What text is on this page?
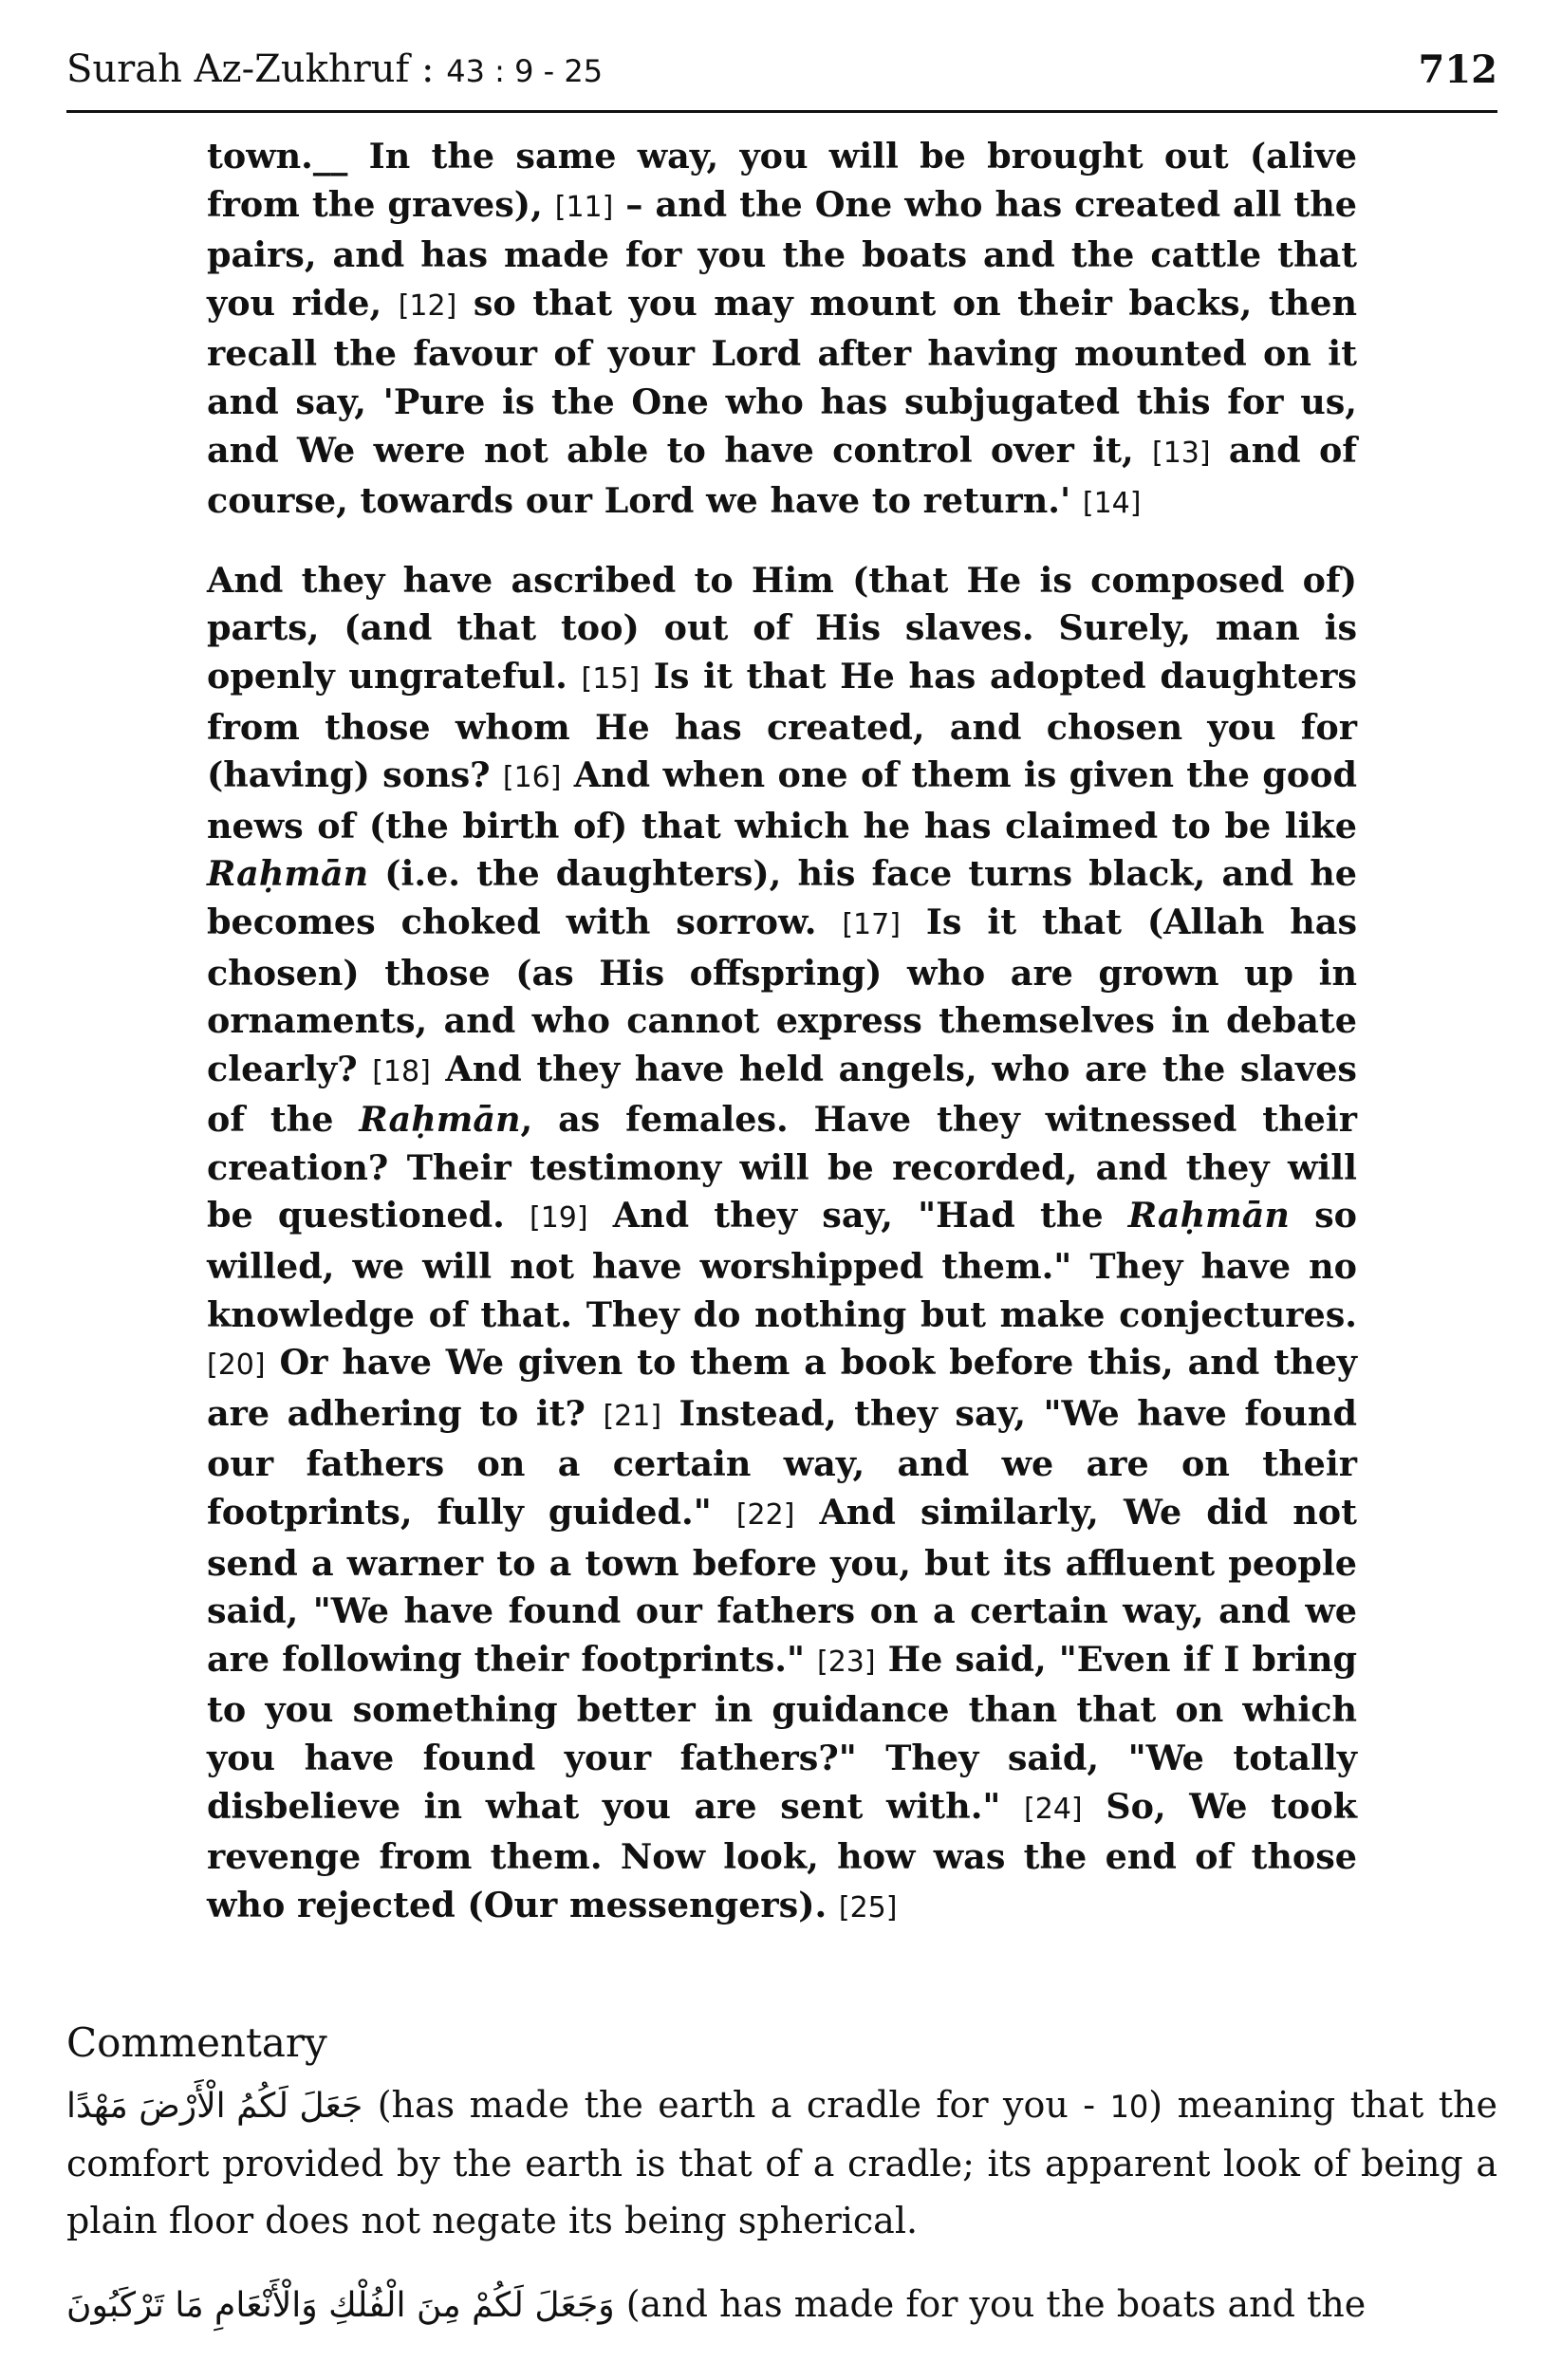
Surah Az-Zukhruf : 43 : 9 - 25	712

town.__ In the same way, you will be brought out (alive from the graves), [11] – and the One who has created all the pairs, and has made for you the boats and the cattle that you ride, [12] so that you may mount on their backs, then recall the favour of your Lord after having mounted on it and say, 'Pure is the One who has subjugated this for us, and We were not able to have control over it, [13] and of course, towards our Lord we have to return.' [14]

And they have ascribed to Him (that He is composed of) parts, (and that too) out of His slaves. Surely, man is openly ungrateful. [15] Is it that He has adopted daughters from those whom He has created, and chosen you for (having) sons? [16] And when one of them is given the good news of (the birth of) that which he has claimed to be like Raḥmān (i.e. the daughters), his face turns black, and he becomes choked with sorrow. [17] Is it that (Allah has chosen) those (as His offspring) who are grown up in ornaments, and who cannot express themselves in debate clearly? [18] And they have held angels, who are the slaves of the Raḥmān, as females. Have they witnessed their creation? Their testimony will be recorded, and they will be questioned. [19] And they say, "Had the Raḥmān so willed, we will not have worshipped them." They have no knowledge of that. They do nothing but make conjectures. [20] Or have We given to them a book before this, and they are adhering to it? [21] Instead, they say, "We have found our fathers on a certain way, and we are on their footprints, fully guided." [22] And similarly, We did not send a warner to a town before you, but its affluent people said, "We have found our fathers on a certain way, and we are following their footprints." [23] He said, "Even if I bring to you something better in guidance than that on which you have found your fathers?" They said, "We totally disbelieve in what you are sent with." [24] So, We took revenge from them. Now look, how was the end of those who rejected (Our messengers). [25]

Commentary

جَعَلَ لَكُمُ الْأَرْضَ مَهْدًا (has made the earth a cradle for you - 10) meaning that the comfort provided by the earth is that of a cradle; its apparent look of being a plain floor does not negate its being spherical.

وَجَعَلَ لَكُمْ مِنَ الْفُلْكِ وَالْأَنْعَامِ مَا تَرْكَبُونَ (and has made for you the boats and the
